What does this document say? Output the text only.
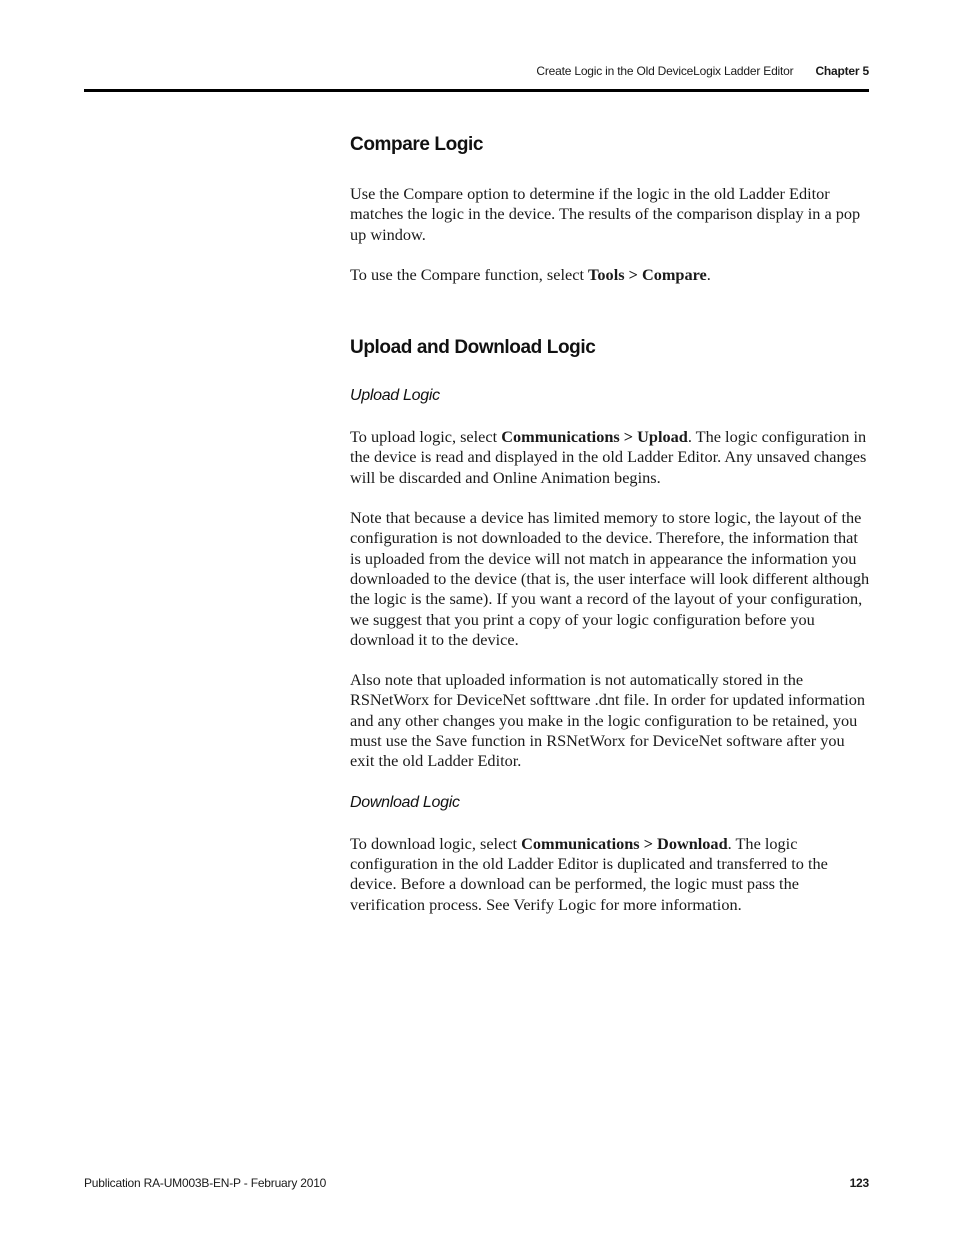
Create Logic in the Old DeviceLogix Ladder Editor Chapter 5
Compare Logic

Use the Compare option to determine if the logic in the old Ladder Editor matches the logic in the device. The results of the comparison display in a pop up window.

To use the Compare function, select Tools > Compare.

Upload and Download Logic
Upload Logic

To upload logic, select Communications > Upload. The logic configuration in the device is read and displayed in the old Ladder Editor. Any unsaved changes will be discarded and Online Animation begins.

Note that because a device has limited memory to store logic, the layout of the configuration is not downloaded to the device. Therefore, the information that is uploaded from the device will not match in appearance the information you downloaded to the device (that is, the user interface will look different although the logic is the same). If you want a record of the layout of your configuration, we suggest that you print a copy of your logic configuration before you download it to the device.

Also note that uploaded information is not automatically stored in the RSNetWorx for DeviceNet softtware .dnt file. In order for updated information and any other changes you make in the logic configuration to be retained, you must use the Save function in RSNetWorx for DeviceNet software after you exit the old Ladder Editor.

Download Logic

To download logic, select Communications > Download. The logic configuration in the old Ladder Editor is duplicated and transferred to the device. Before a download can be performed, the logic must pass the verification process. See Verify Logic for more information.

Publication RA-UM003B-EN-P - February 2010	123
